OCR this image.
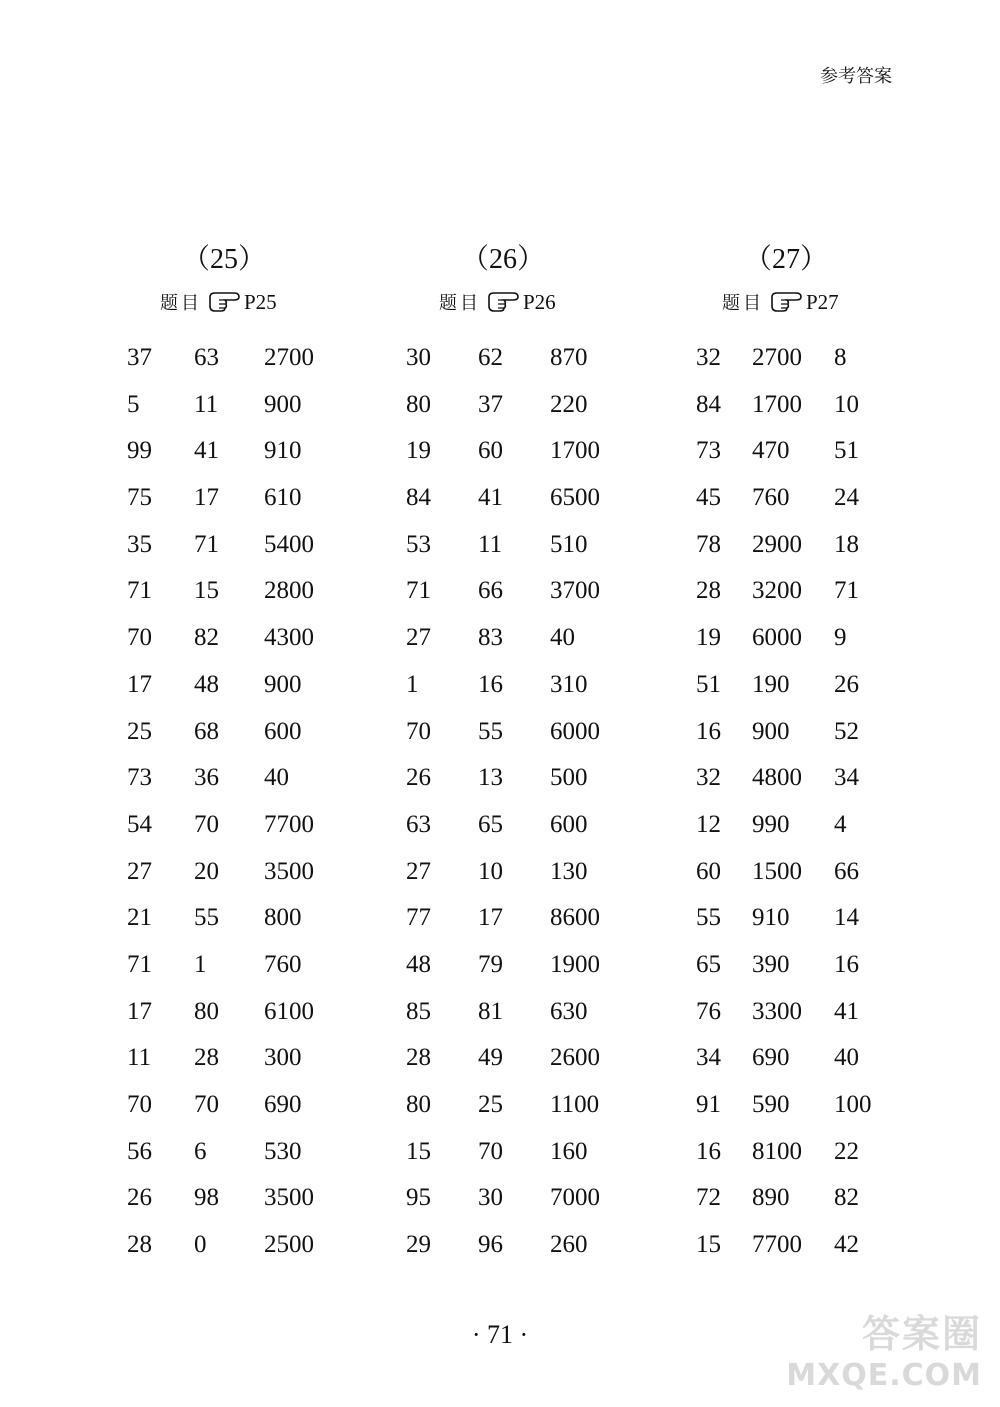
参考答案
（25）
题目 P25
37 63 2700
5 11 900
99 41 910
75 17 610
35 71 5400
71 15 2800
70 82 4300
17 48 900
25 68 600
73 36 40
54 70 7700
27 20 3500
21 55 800
71 1 760
17 80 6100
11 28 300
70 70 690
56 6 530
26 98 3500
28 0 2500
（26）
题目 P26
30 62 870
80 37 220
19 60 1700
84 41 6500
53 11 510
71 66 3700
27 83 40
1 16 310
70 55 6000
26 13 500
63 65 600
27 10 130
77 17 8600
48 79 1900
85 81 630
28 49 2600
80 25 1100
15 70 160
95 30 7000
29 96 260
（27）
题目 P27
32 2700 8
84 1700 10
73 470 51
45 760 24
78 2900 18
28 3200 71
19 6000 9
51 190 26
16 900 52
32 4800 34
12 990 4
60 1500 66
55 910 14
65 390 16
76 3300 41
34 690 40
91 590 100
16 8100 22
72 890 82
15 7700 42
· 71 ·	答案圈
MXQE.COM
